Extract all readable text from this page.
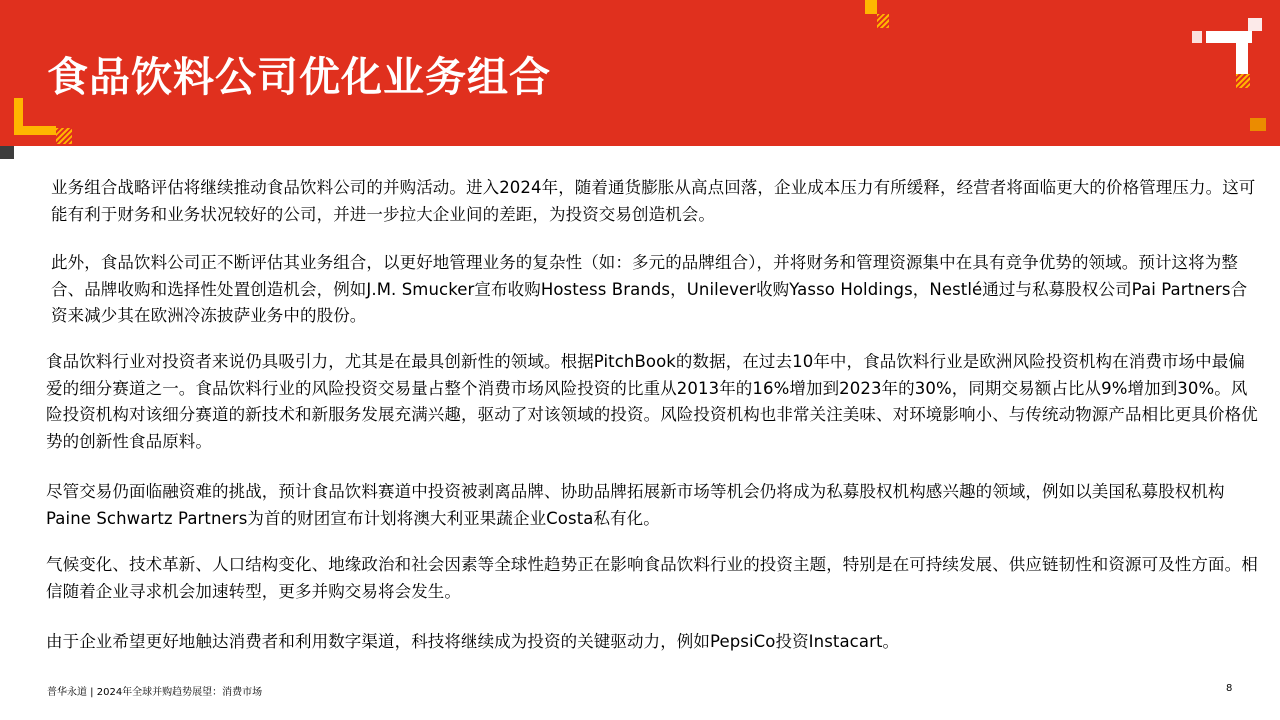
食品饮料公司优化业务组合

业务组合战略评估将继续推动食品饮料公司的并购活动。进入2024年，随着通货膨胀从高点回落，企业成本压力有所缓释，经营者将面临更大的价格管理压力。这可能有利于财务和业务状况较好的公司，并进一步拉大企业间的差距，为投资交易创造机会。

此外，食品饮料公司正不断评估其业务组合，以更好地管理业务的复杂性（如：多元的品牌组合），并将财务和管理资源集中在具有竞争优势的领域。预计这将为整合、品牌收购和选择性处置创造机会，例如J.M. Smucker宣布收购Hostess Brands，Unilever收购Yasso Holdings，Nestlé通过与私募股权公司Pai Partners合资来减少其在欧洲冷冻披萨业务中的股份。

食品饮料行业对投资者来说仍具吸引力，尤其是在最具创新性的领域。根据PitchBook的数据，在过去10年中，食品饮料行业是欧洲风险投资机构在消费市场中最偏爱的细分赛道之一。食品饮料行业的风险投资交易量占整个消费市场风险投资的比重从2013年的16%增加到2023年的30%，同期交易额占比从9%增加到30%。风险投资机构对该细分赛道的新技术和新服务发展充满兴趣，驱动了对该领域的投资。风险投资机构也非常关注美味、对环境影响小、与传统动物源产品相比更具价格优势的创新性食品原料。

尽管交易仍面临融资难的挑战，预计食品饮料赛道中投资被剥离品牌、协助品牌拓展新市场等机会仍将成为私募股权机构感兴趣的领域，例如以美国私募股权机构Paine Schwartz Partners为首的财团宣布计划将澳大利亚果蔬企业Costa私有化。

气候变化、技术革新、人口结构变化、地缘政治和社会因素等全球性趋势正在影响食品饮料行业的投资主题，特别是在可持续发展、供应链韧性和资源可及性方面。相信随着企业寻求机会加速转型，更多并购交易将会发生。

由于企业希望更好地触达消费者和利用数字渠道，科技将继续成为投资的关键驱动力，例如PepsiCo投资Instacart。

普华永道 | 2024年全球并购趋势展望：消费市场	8
